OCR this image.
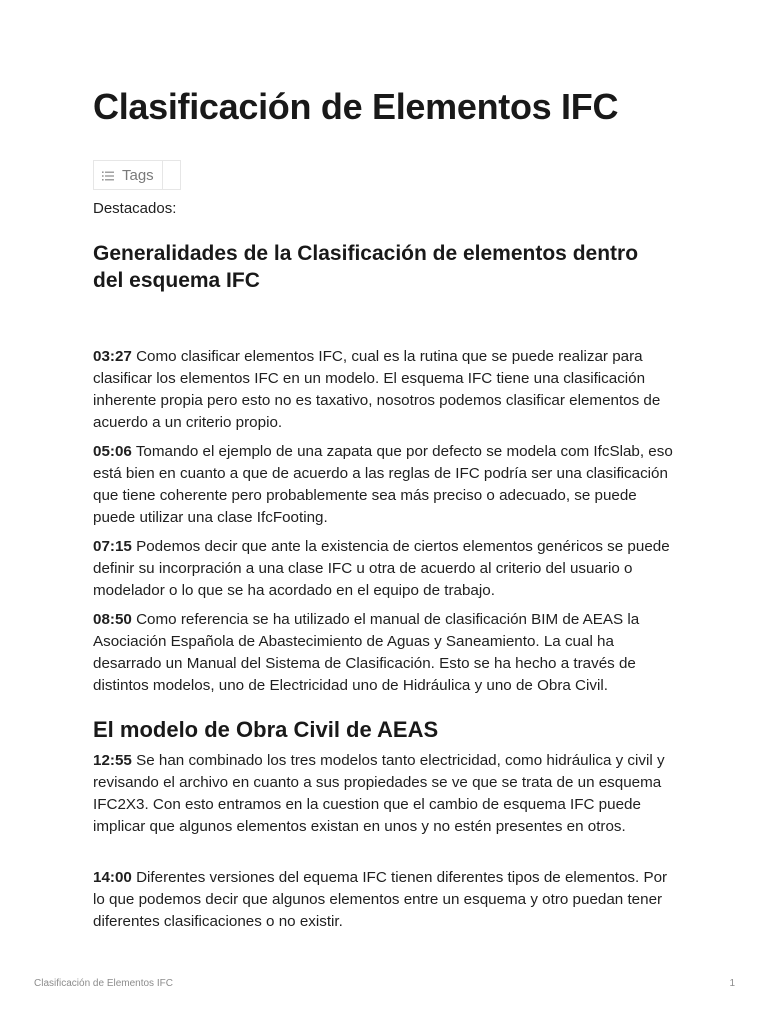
Clasificación de Elementos IFC
Tags

Destacados:

Generalidades de la Clasificación de elementos dentro del esquema IFC

03:27 Como clasificar elementos IFC, cual es la rutina que se puede realizar para clasificar los elementos IFC en un modelo. El esquema IFC tiene una clasificación inherente propia pero esto no es taxativo, nosotros podemos clasificar elementos de acuerdo a un criterio propio.

05:06 Tomando el ejemplo de una zapata que por defecto se modela com IfcSlab, eso está bien en cuanto a que de acuerdo a las reglas de IFC podría ser una clasificación que tiene coherente pero probablemente sea más preciso o adecuado, se puede puede utilizar una clase IfcFooting.

07:15 Podemos decir que ante la existencia de ciertos elementos genéricos se puede definir su incorpración a una clase IFC u otra de acuerdo al criterio del usuario o modelador o lo que se ha acordado en el equipo de trabajo.

08:50 Como referencia se ha utilizado el manual de clasificación BIM de AEAS la Asociación Española de Abastecimiento de Aguas y Saneamiento. La cual ha desarrado un Manual del Sistema de Clasificación. Esto se ha hecho a través de distintos modelos, uno de Electricidad uno de Hidráulica y uno de Obra Civil.

El modelo de Obra Civil de AEAS

12:55 Se han combinado los tres modelos tanto electricidad, como hidráulica y civil y revisando el archivo en cuanto a sus propiedades se ve que se trata de un esquema IFC2X3. Con esto entramos en la cuestion que el cambio de esquema IFC puede implicar que algunos elementos existan en unos y no estén presentes en otros.

14:00 Diferentes versiones del equema IFC tienen diferentes tipos de elementos. Por lo que podemos decir que algunos elementos entre un esquema y otro puedan tener diferentes clasificaciones o no existir.

Clasificación de Elementos IFC	1
